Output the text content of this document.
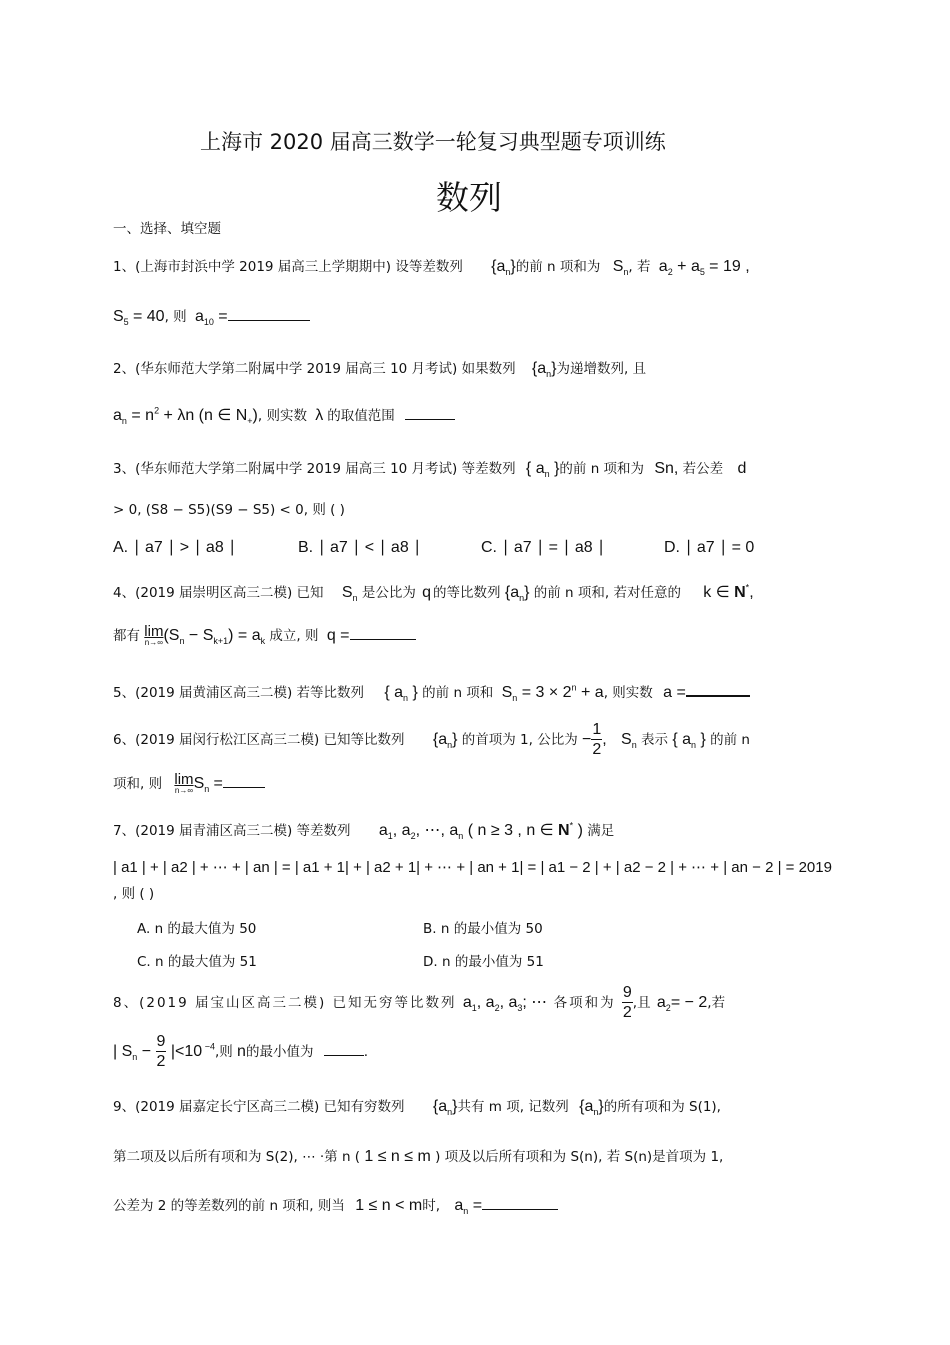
上海市 2020 届高三数学一轮复习典型题专项训练
数列
一、选择、填空题
1、(上海市封浜中学 2019 届高三上学期期中) 设等差数列 $\{a_n\}$的前 n 项和为 $S_n$, 若 $a_2 + a_5 = 19$ ,
$S_5 = 40$, 则 $a_{10}$ =
2、(华东师范大学第二附属中学 2019 届高三 10 月考试) 如果数列 $\{a_n\}$为递增数列, 且
$a_n = n^2 + \lambda n$ (n ∈ $N_+$), 则实数 λ 的取值范围
3、(华东师范大学第二附属中学 2019 届高三 10 月考试) 等差数列 { $a_n$ }的前 n 项和为 Sn, 若公差 d
> 0, (S8 − S5)(S9 − S5) < 0, 则 ( )
A. ∣ a7 ∣ > ∣ a8 ∣	B. ∣ a7 ∣ < ∣ a8 ∣	C. ∣ a7 ∣ = ∣ a8 ∣	D. ∣ a7 ∣ = 0
4、(2019 届崇明区高三二模) 已知 $S_n$ 是公比为 q 的等比数列 $\{a_n\}$ 的前 n 项和, 若对任意的 k ∈ N*,
都有 lim
n→∞ $(S_n - S_{k+1}) = a_k$ 成立, 则 q =
5、(2019 届黄浦区高三二模) 若等比数列 { $a_n$ } 的前 n 项和 $S_n = 3 \times 2^n + a$, 则实数 a =
6、(2019 届闵行松江区高三二模) 已知等比数列 $\{a_n\}$ 的首项为 1, 公比为 − $\frac{1}{2}$ , $S_n$ 表示 { $a_n$ } 的前 n
项和, 则 lim
n→∞ $S_n$ =
7、(2019 届青浦区高三二模) 等差数列 $a_1$, $a_2$, ⋯, $a_n$ ( n ≥ 3 , n ∈ N* ) 满足
| a1 | + | a2 | + ⋯ + | an | = | a1 + 1| + | a2 + 1| + ⋯ + | an + 1| = | a1 − 2 | + | a2 − 2 | + ⋯ + | an − 2 | = 2019
, 则 ( )
A. n 的最大值为 50	B. n 的最小值为 50
C. n 的最大值为 51	D. n 的最小值为 51
8、(2019 届宝山区高三二模) 已知无穷等比数列 $a_1$, $a_2$, $a_3$; ⋯ 各项和为 $\frac{9}{2}$ ,且 $a_2= - 2$,若
| $S_n - \frac{9}{2} |<10$ $^{-4}$,则 n的最小值为	.
9、(2019 届嘉定长宁区高三二模) 已知有穷数列 $\{a_n\}$共有 m 项, 记数列 $\{a_n\}$的所有项和为 S(1),
第二项及以后所有项和为 S(2), ⋯ ·第 n ( 1 ≤ n ≤ m ) 项及以后所有项和为 S(n), 若 S(n)是首项为 1,
公差为 2 的等差数列的前 n 项和, 则当 1 ≤ n < m时, $a_n$ =
